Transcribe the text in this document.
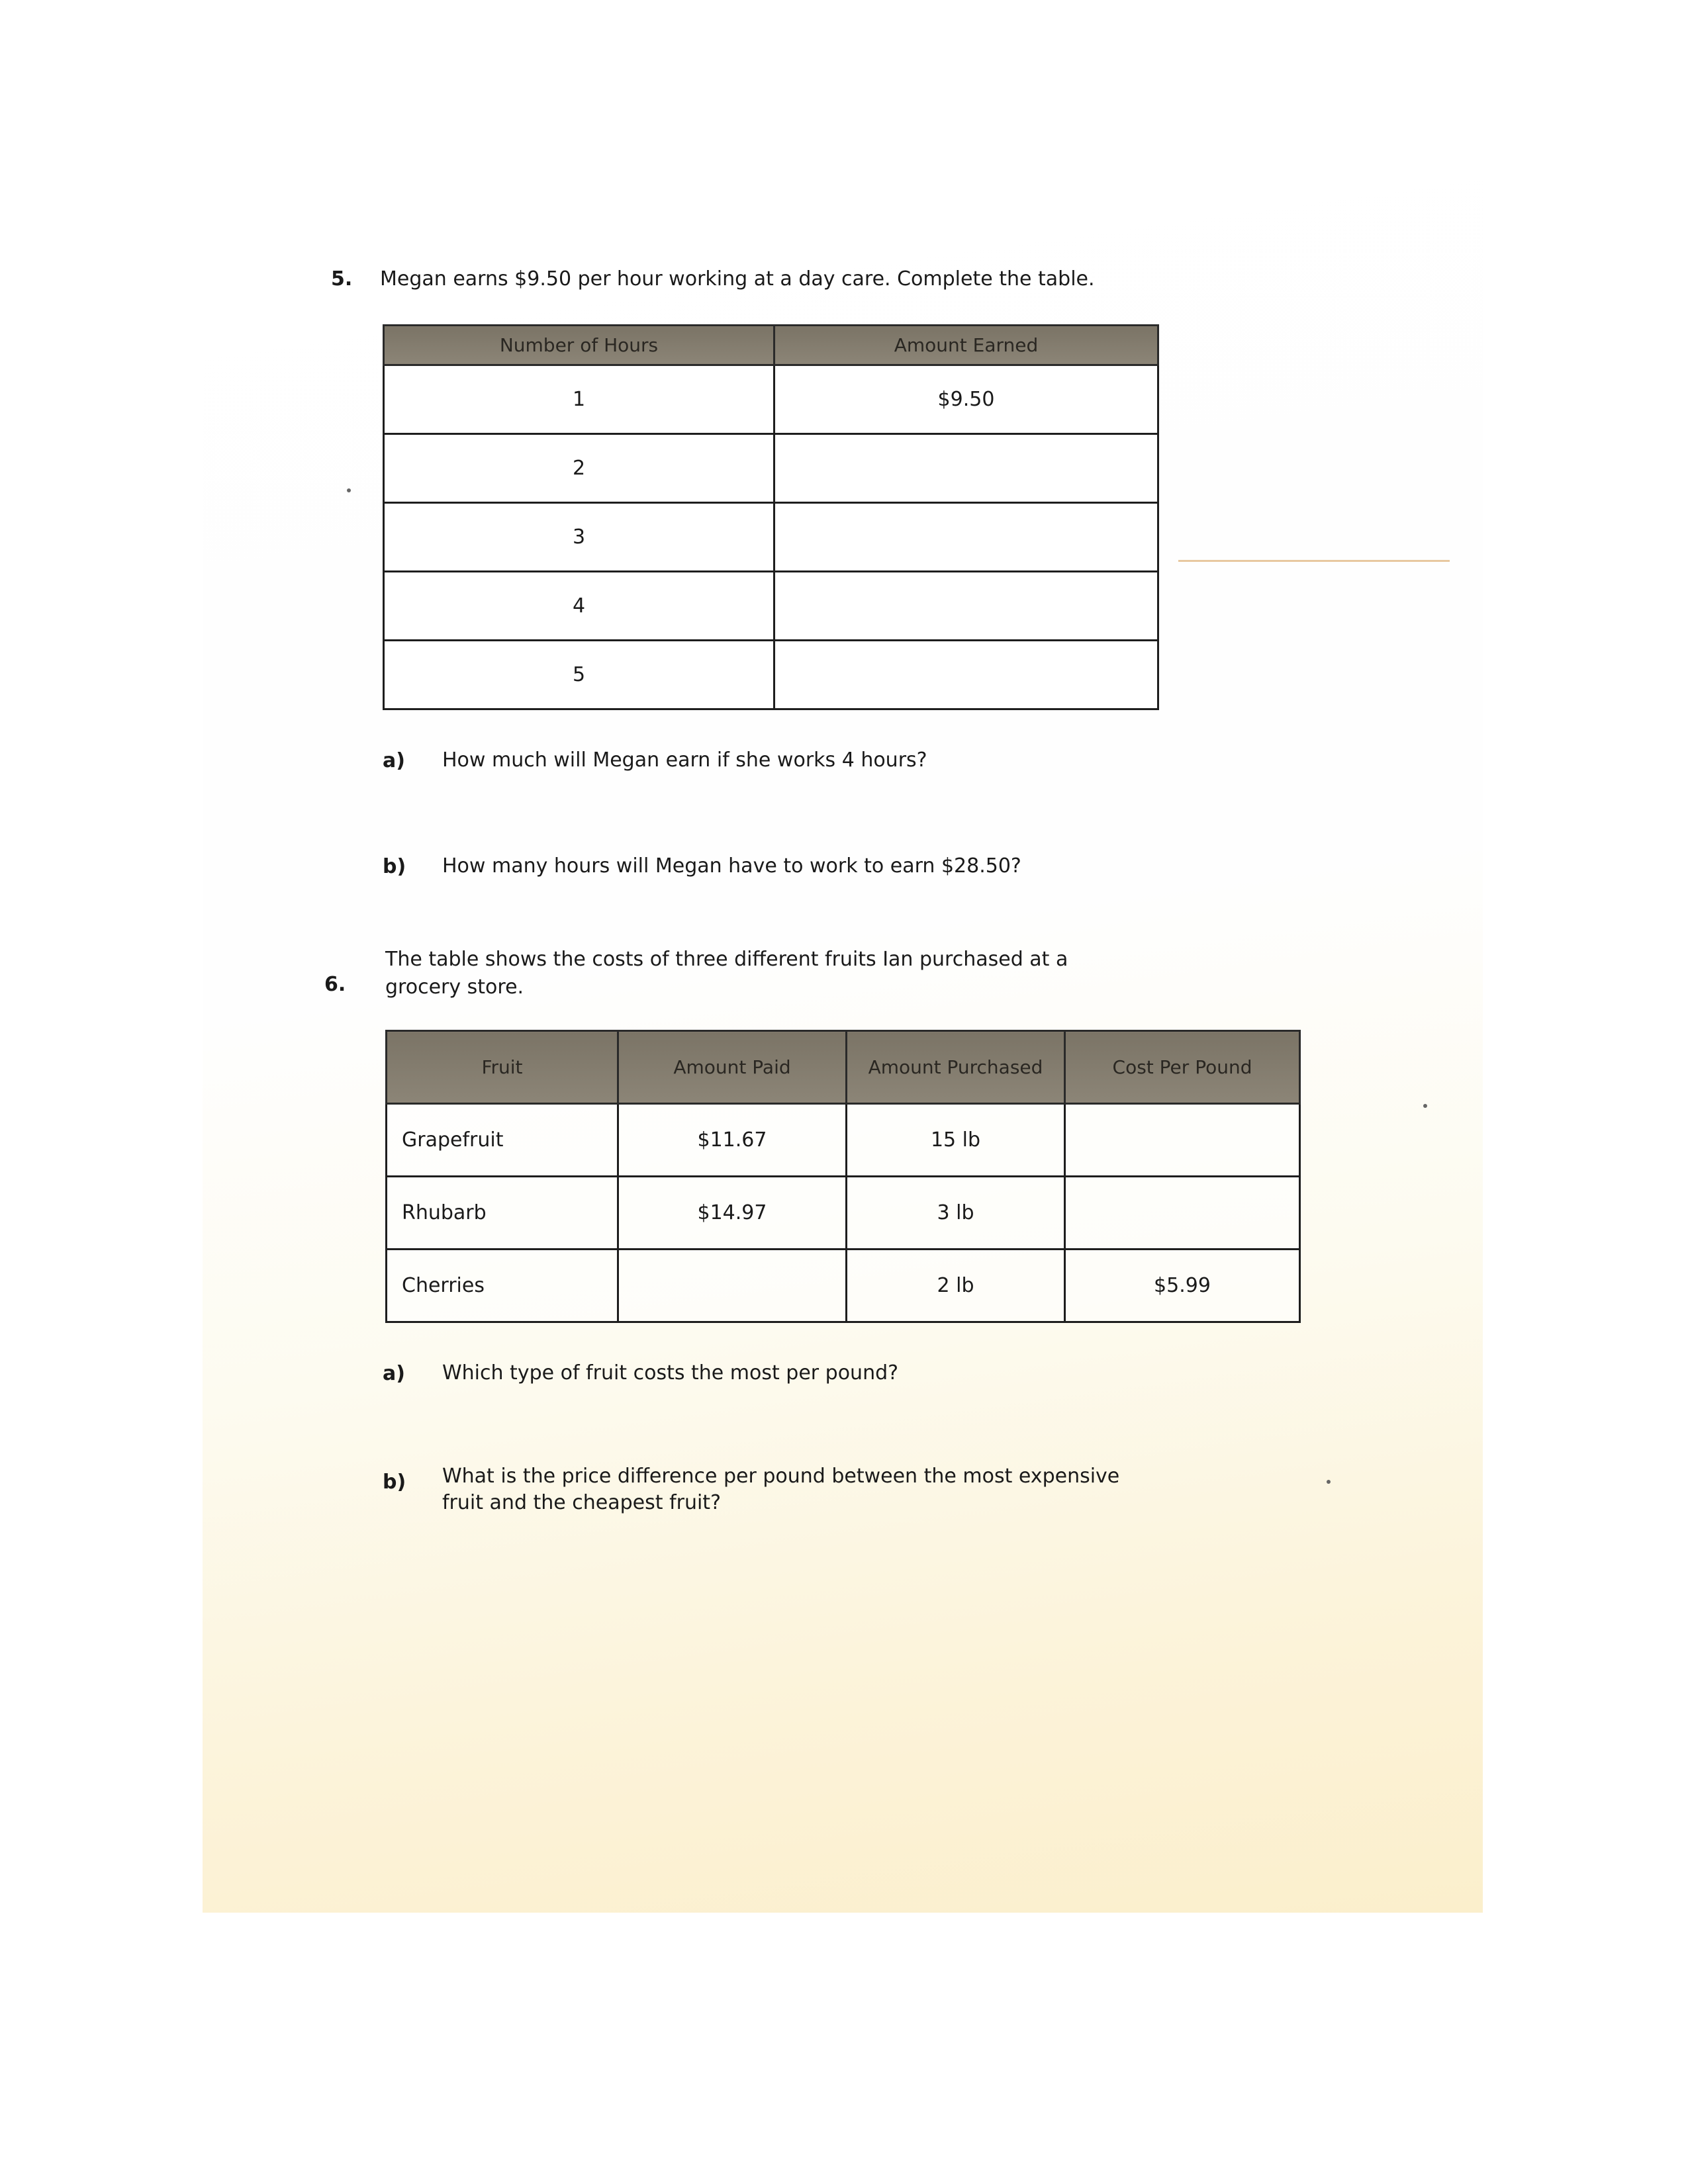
5. Megan earns $9.50 per hour working at a day care. Complete the table.
Number of Hours	Amount Earned
1	$9.50
2	
3	
4	
5	
a) How much will Megan earn if she works 4 hours?
b) How many hours will Megan have to work to earn $28.50?
6.
The table shows the costs of three different fruits Ian purchased at a
grocery store.
Fruit	Amount Paid	Amount Purchased	Cost Per Pound
Grapefruit	$11.67	15 lb	
Rhubarb	$14.97	3 lb	
Cherries		2 lb	$5.99
a) Which type of fruit costs the most per pound?
b) What is the price difference per pound between the most expensive
fruit and the cheapest fruit?
